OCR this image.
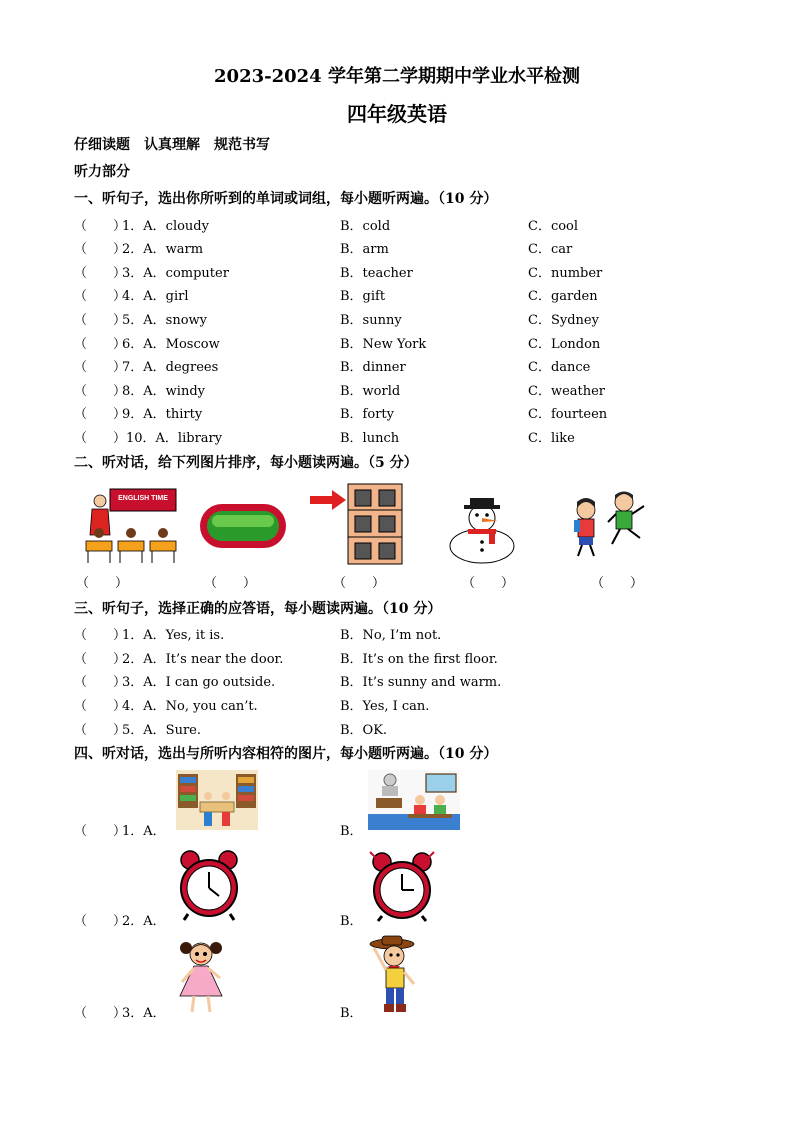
2023-2024 学年第二学期期中学业水平检测
四年级英语
仔细读题　认真理解　规范书写
听力部分
一、听句子，选出你所听到的单词或词组，每小题听两遍。（10 分）
（　　）
1．A．cloudy	B．cold	C．cool
（　　）
2．A．warm	B．arm	C．car
（　　）
3．A．computer	B．teacher	C．number
（　　）
4．A．girl	B．gift	C．garden
（　　）
5．A．snowy	B．sunny	C．Sydney
（　　）
6．A．Moscow	B．New York	C．London
（　　）
7．A．degrees	B．dinner	C．dance
（　　）
8．A．windy	B．world	C．weather
（　　）
9．A．thirty	B．forty	C．fourteen
（　　） 10．A．library	B．lunch	C．like
二、听对话，给下列图片排序，每小题读两遍。（5 分）
ENGLISH TIME
（　　）	（　　）	（　　）	（　　）	（　　）
三、听句子，选择正确的应答语，每小题读两遍。（10 分）
（　　）
1．A．Yes, it is.	B．No, I’m not.
（　　）
2．A．It’s near the door.	B．It’s on the first floor.
（　　）
3．A．I can go outside.	B．It’s sunny and warm.
（　　）
4．A．No, you can’t.	B．Yes, I can.
（　　）
5．A．Sure.	B．OK.
四、听对话，选出与所听内容相符的图片，每小题听两遍。（10 分）
（　　）
1．A．	B．
（　　）
2．A．	B．
（　　）
3．A．	B．
